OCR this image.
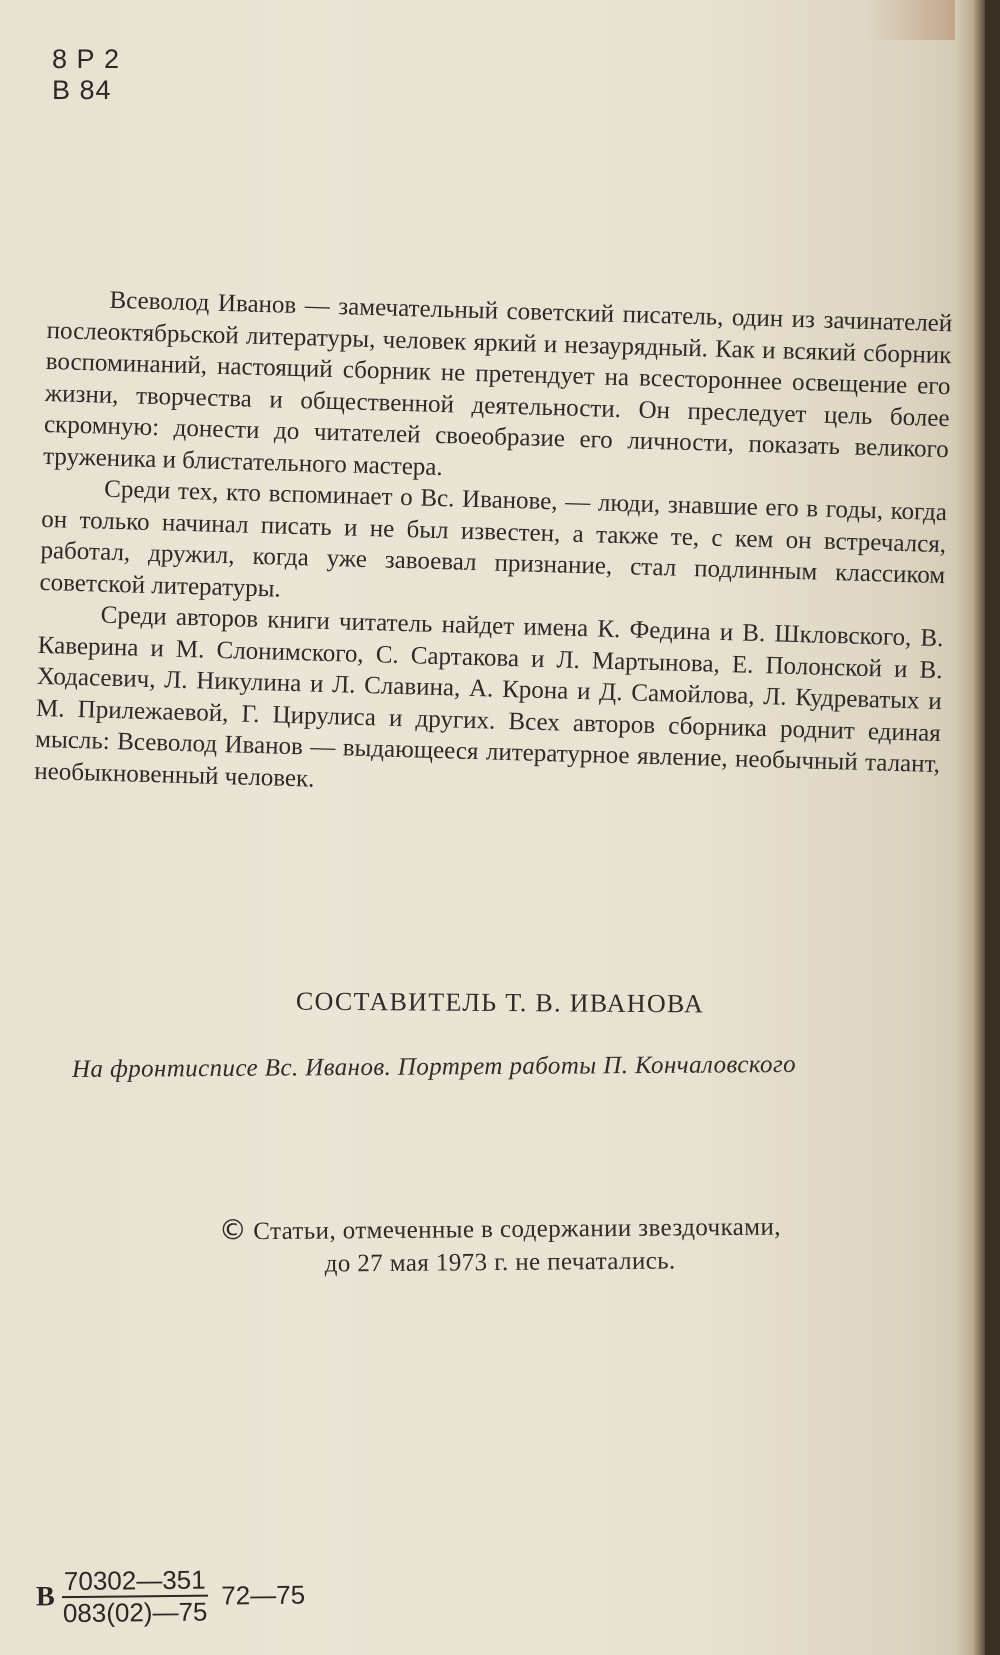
8 Р 2
В 84

Всеволод Иванов — замечательный советский писатель, один из зачинателей послеоктябрьской литературы, человек яркий и незаурядный. Как и всякий сборник воспоминаний, настоящий сборник не претендует на всестороннее освещение его жизни, творчества и общественной деятельности. Он преследует цель более скромную: донести до читателей своеобразие его личности, показать великого труженика и блистательного мастера.

Среди тех, кто вспоминает о Вс. Иванове, — люди, знавшие его в годы, когда он только начинал писать и не был известен, а также те, с кем он встречался, работал, дружил, когда уже завоевал признание, стал подлинным классиком советской литературы.

Среди авторов книги читатель найдет имена К. Федина и В. Шкловского, В. Каверина и М. Слонимского, С. Сартакова и Л. Мартынова, Е. Полонской и В. Ходасевич, Л. Никулина и Л. Славина, А. Крона и Д. Самойлова, Л. Кудреватых и М. Прилежаевой, Г. Цирулиса и других. Всех авторов сборника роднит единая мысль: Всеволод Иванов — выдающееся литературное явление, необычный талант, необыкновенный человек.

СОСТАВИТЕЛЬ Т. В. ИВАНОВА
На фронтисписе Вс. Иванов. Портрет работы П. Кончаловского
© Статьи, отмеченные в содержании звездочками,
до 27 мая 1973 г. не печатались.
В $\frac{70302—351}{083(02)—75}$ 72—75
